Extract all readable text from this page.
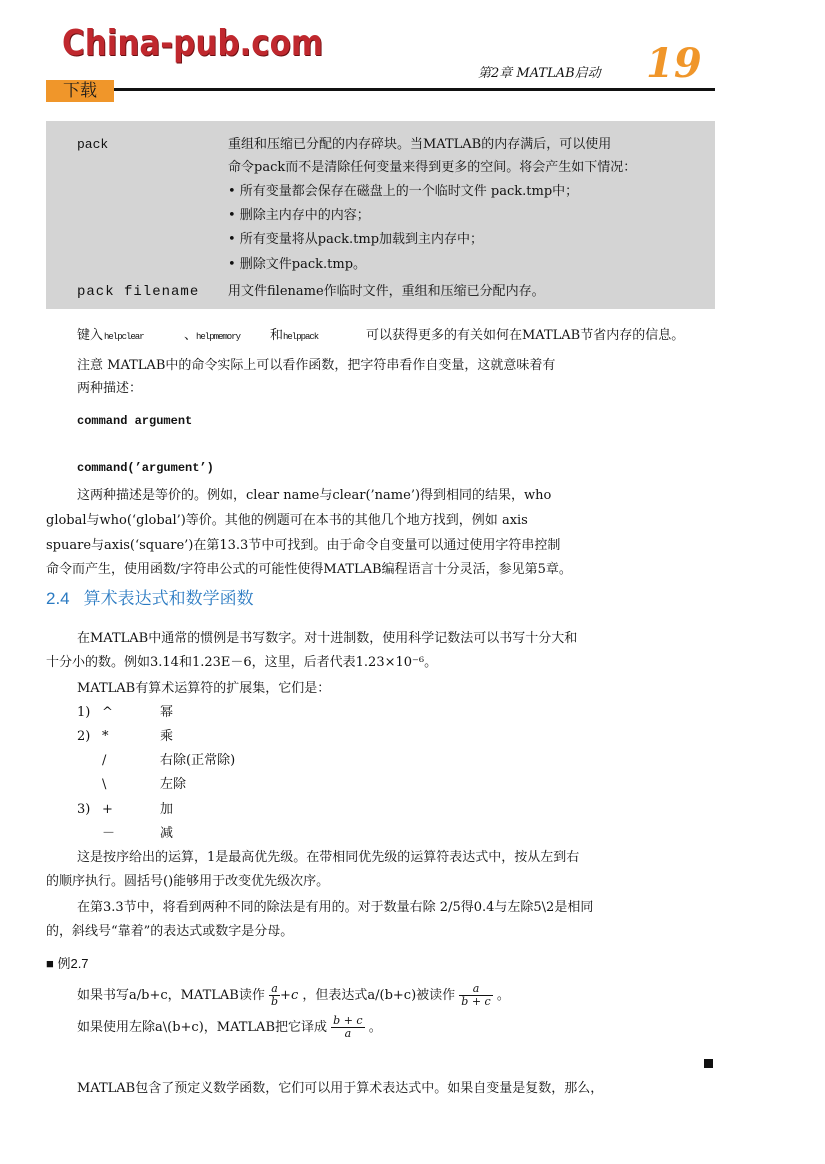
China-pub.com
下载
第2章 MATLAB启动 19
pack	重组和压缩已分配的内存碎块。当MATLAB的内存满后，可以使用
命令pack而不是清除任何变量来得到更多的空间。将会产生如下情况：
• 所有变量都会保存在磁盘上的一个临时文件 pack.tmp中；
• 删除主内存中的内容；
• 所有变量将从pack.tmp加载到主内存中；
• 删除文件pack.tmp。
pack filename 用文件filename作临时文件，重组和压缩已分配内存。
键入 helpclear	、
helpmemory 和 helppack	可以获得更多的有关如何在MATLAB节省内存的信息。
注意 MATLAB中的命令实际上可以看作函数，把字符串看作自变量，这就意味着有
两种描述：
command argument
command(’argument’)
这两种描述是等价的。例如，clear name与clear(’name’)得到相同的结果，who
global与who(‘global’)等价。其他的例题可在本书的其他几个地方找到，例如 axis
spuare与axis(‘square’)在第13.3节中可找到。由于命令自变量可以通过使用字符串控制
命令而产生，使用函数/字符串公式的可能性使得MATLAB编程语言十分灵活，参见第5章。
2.4 算术表达式和数学函数
在MATLAB中通常的惯例是书写数字。对十进制数，使用科学记数法可以书写十分大和
十分小的数。例如3.14和1.23E－6，这里，后者代表1.23×10⁻⁶。
MATLAB有算术运算符的扩展集，它们是：
1) ^	幂
2) *	乘
/	右除(正常除)
\	左除
3) +	加
－	减
这是按序给出的运算，1是最高优先级。在带相同优先级的运算符表达式中，按从左到右
的顺序执行。圆括号()能够用于改变优先级次序。
在第3.3节中，将看到两种不同的除法是有用的。对于数量右除 2/5得0.4与左除5\2是相同
的，斜线号“靠着”的表达式或数字是分母。
■ 例2.7
如果书写a/b+c，MATLAB读作 $\frac{a}{b} +c$ ，但表达式a/(b+c)被读作 $\frac{a}{b + c}$ 。
如果使用左除a\(b+c)，MATLAB把它译成 $\frac{b + c}{a}$ 。
MATLAB包含了预定义数学函数，它们可以用于算术表达式中。如果自变量是复数，那么，
